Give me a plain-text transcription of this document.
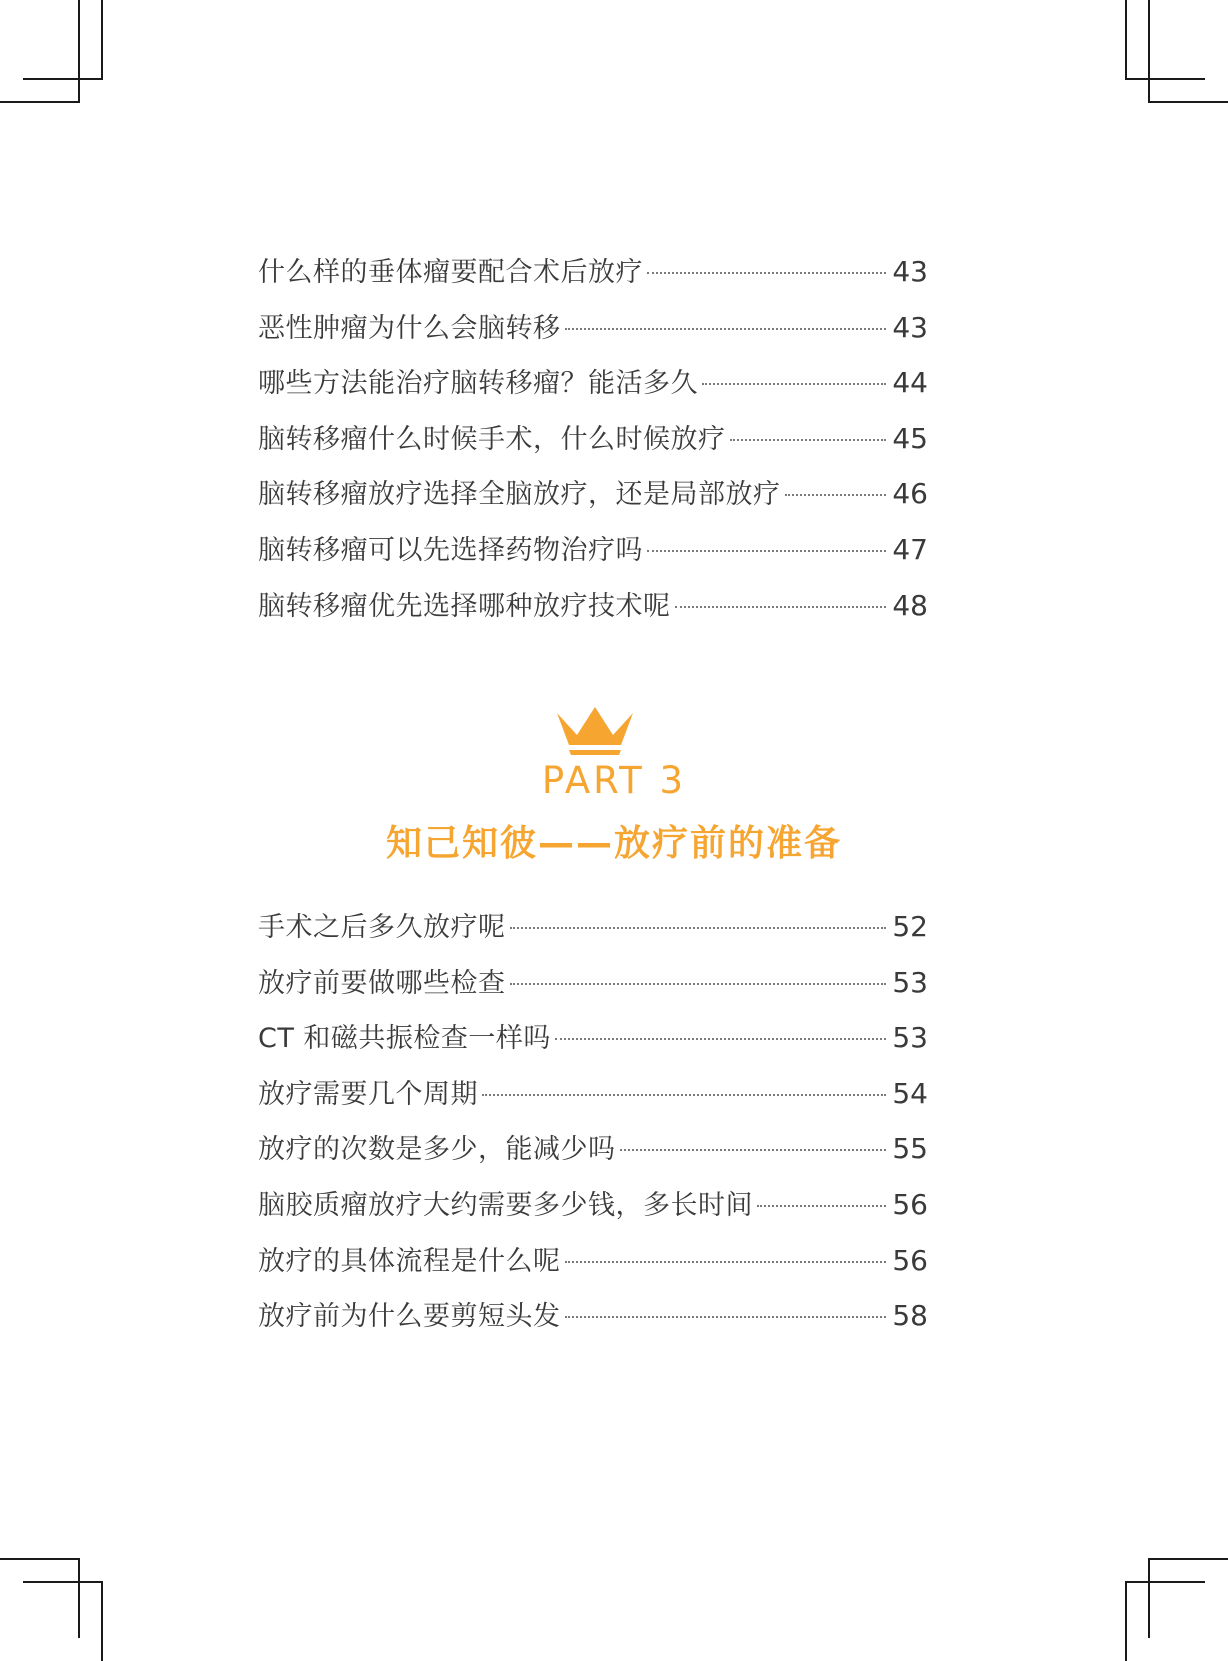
什么样的垂体瘤要配合术后放疗	43
恶性肿瘤为什么会脑转移	43
哪些方法能治疗脑转移瘤？能活多久	44
脑转移瘤什么时候手术，什么时候放疗	45
脑转移瘤放疗选择全脑放疗，还是局部放疗	46
脑转移瘤可以先选择药物治疗吗	47
脑转移瘤优先选择哪种放疗技术呢	48
PART 3
知己知彼——放疗前的准备
手术之后多久放疗呢	52
放疗前要做哪些检查	53
CT 和磁共振检查一样吗	53
放疗需要几个周期	54
放疗的次数是多少，能减少吗	55
脑胶质瘤放疗大约需要多少钱，多长时间	56
放疗的具体流程是什么呢	56
放疗前为什么要剪短头发	58
